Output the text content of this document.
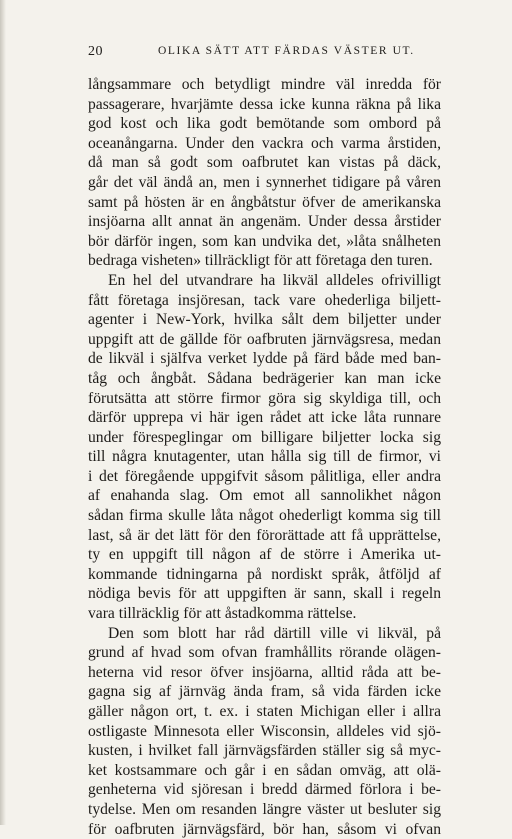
20	OLIKA SÄTT ATT FÄRDAS VÄSTER UT.
långsammare och betydligt mindre väl inredda för
passagerare, hvarjämte dessa icke kunna räkna på lika
god kost och lika godt bemötande som ombord på
oceanångarna. Under den vackra och varma årstiden,
då man så godt som oafbrutet kan vistas på däck,
går det väl ändå an, men i synnerhet tidigare på våren
samt på hösten är en ångbåtstur öfver de amerikanska
insjöarna allt annat än angenäm. Under dessa årstider
bör därför ingen, som kan undvika det, »låta snålheten
bedraga visheten» tillräckligt för att företaga den turen.
En hel del utvandrare ha likväl alldeles ofrivilligt
fått företaga insjöresan, tack vare ohederliga biljett-
agenter i New-York, hvilka sålt dem biljetter under
uppgift att de gällde för oafbruten järnvägsresa, medan
de likväl i själfva verket lydde på färd både med ban-
tåg och ångbåt. Sådana bedrägerier kan man icke
förutsätta att större firmor göra sig skyldiga till, och
därför upprepa vi här igen rådet att icke låta runnare
under förespeglingar om billigare biljetter locka sig
till några knutagenter, utan hålla sig till de firmor, vi
i det föregående uppgifvit såsom pålitliga, eller andra
af enahanda slag. Om emot all sannolikhet någon
sådan firma skulle låta något ohederligt komma sig till
last, så är det lätt för den förorättade att få upprättelse,
ty en uppgift till någon af de större i Amerika ut-
kommande tidningarna på nordiskt språk, åtföljd af
nödiga bevis för att uppgiften är sann, skall i regeln
vara tillräcklig för att åstadkomma rättelse.
Den som blott har råd därtill ville vi likväl, på
grund af hvad som ofvan framhållits rörande olägen-
heterna vid resor öfver insjöarna, alltid råda att be-
gagna sig af järnväg ända fram, så vida färden icke
gäller någon ort, t. ex. i staten Michigan eller i allra
ostligaste Minnesota eller Wisconsin, alldeles vid sjö-
kusten, i hvilket fall järnvägsfärden ställer sig så myc-
ket kostsammare och går i en sådan omväg, att olä-
genheterna vid sjöresan i bredd därmed förlora i be-
tydelse. Men om resanden längre väster ut besluter sig
för oafbruten järnvägsfärd, bör han, såsom vi ofvan
